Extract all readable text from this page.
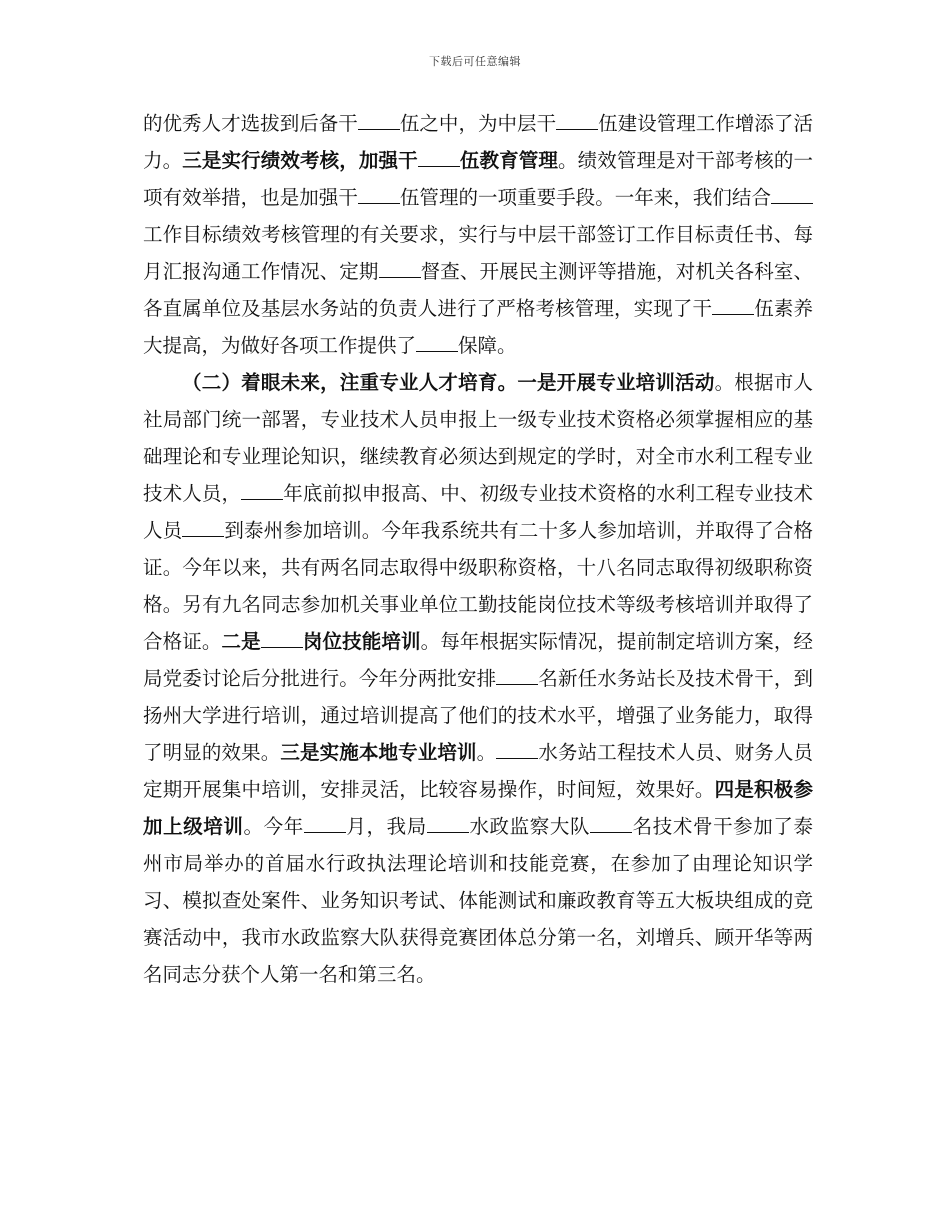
下载后可任意编辑

的优秀人才选拔到后备干 伍之中，为中层干 伍建设管理工作增添了活力。三是实行绩效考核，加强干 伍教育管理。绩效管理是对干部考核的一项有效举措，也是加强干 伍管理的一项重要手段。一年来，我们结合工作目标绩效考核管理的有关要求，实行与中层干部签订工作目标责任书、每月汇报沟通工作情况、定期 督查、开展民主测评等措施，对机关各科室、各直属单位及基层水务站的负责人进行了严格考核管理，实现了干 伍素养大提高，为做好各项工作提供了 保障。

（二）着眼未来，注重专业人才培育。一是开展专业培训活动。根据市人社局部门统一部署，专业技术人员申报上一级专业技术资格必须掌握相应的基础理论和专业理论知识，继续教育必须达到规定的学时，对全市水利工程专业技术人员， 年底前拟申报高、中、初级专业技术资格的水利工程专业技术人员 到泰州参加培训。今年我系统共有二十多人参加培训，并取得了合格证。今年以来，共有两名同志取得中级职称资格，十八名同志取得初级职称资格。另有九名同志参加机关事业单位工勤技能岗位技术等级考核培训并取得了合格证。二是 岗位技能培训。每年根据实际情况，提前制定培训方案，经局党委讨论后分批进行。今年分两批安排 名新任水务站长及技术骨干，到扬州大学进行培训，通过培训提高了他们的技术水平，增强了业务能力，取得了明显的效果。三是实施本地专业培训。 水务站工程技术人员、财务人员定期开展集中培训，安排灵活，比较容易操作，时间短，效果好。四是积极参加上级培训。今年 月，我局 水政监察大队 名技术骨干参加了泰州市局举办的首届水行政执法理论培训和技能竞赛，在参加了由理论知识学习、模拟查处案件、业务知识考试、体能测试和廉政教育等五大板块组成的竞赛活动中，我市水政监察大队获得竞赛团体总分第一名，刘增兵、顾开华等两名同志分获个人第一名和第三名。
